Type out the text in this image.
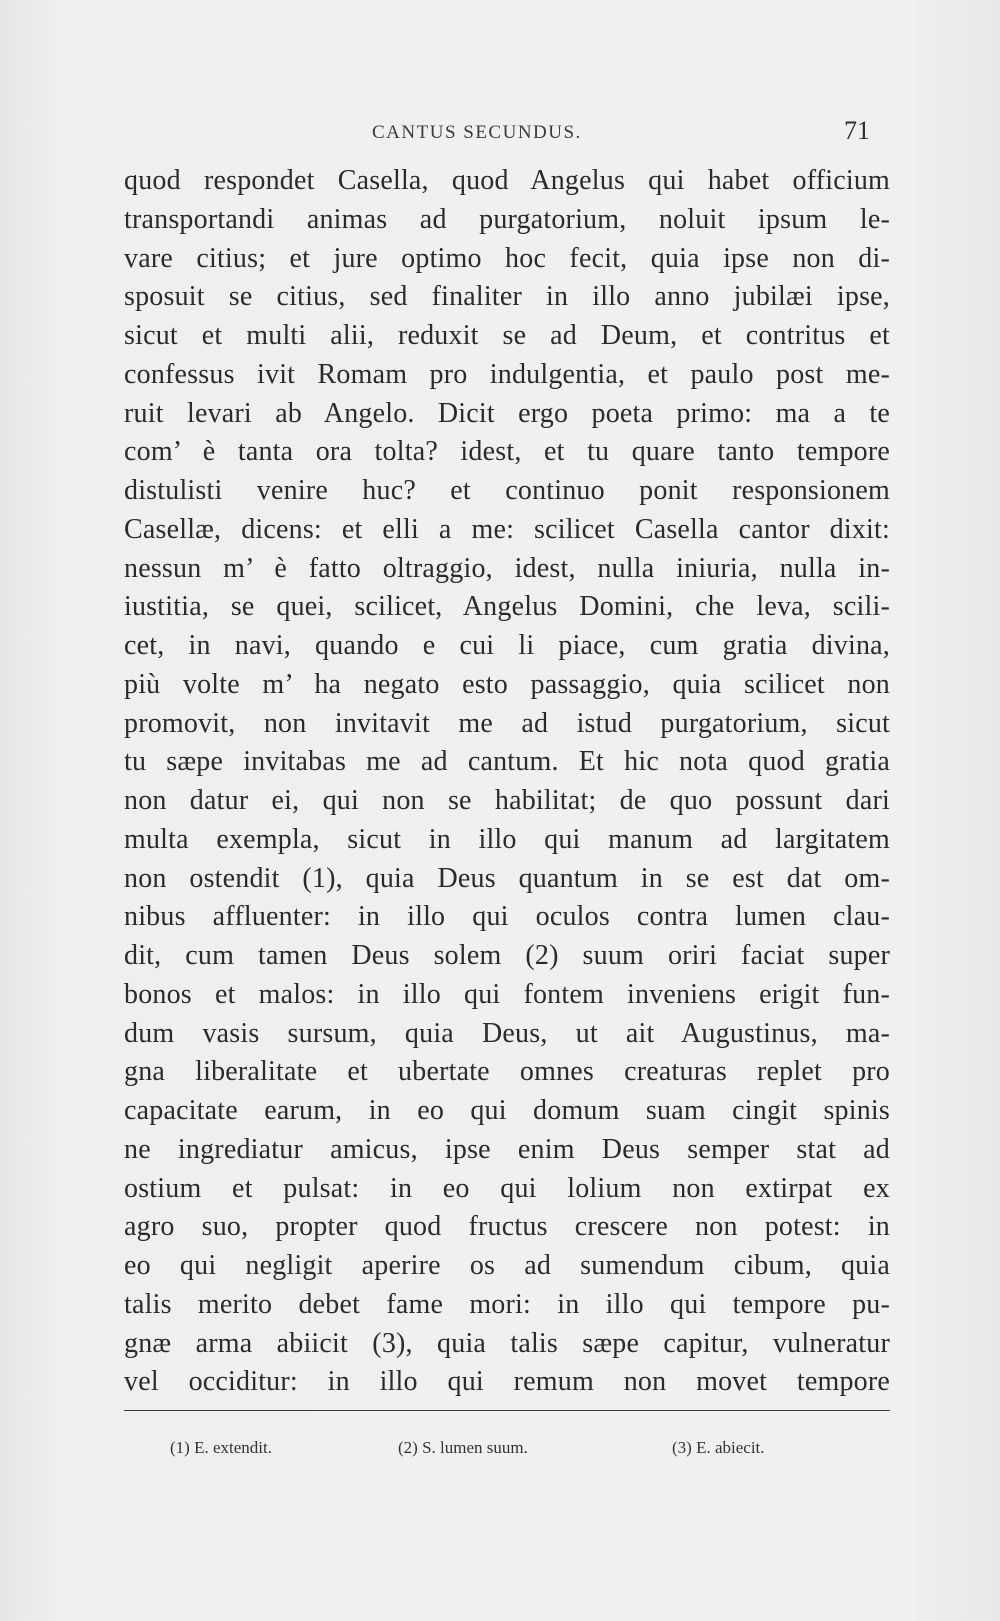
CANTUS SECUNDUS.	71
quod respondet Casella, quod Angelus qui habet officium
transportandi animas ad purgatorium, noluit ipsum le-
vare citius; et jure optimo hoc fecit, quia ipse non di-
sposuit se citius, sed finaliter in illo anno jubilæi ipse,
sicut et multi alii, reduxit se ad Deum, et contritus et
confessus ivit Romam pro indulgentia, et paulo post me-
ruit levari ab Angelo. Dicit ergo poeta primo: ma a te
com’ è tanta ora tolta? idest, et tu quare tanto tempore
distulisti venire huc? et continuo ponit responsionem
Casellæ, dicens: et elli a me: scilicet Casella cantor dixit:
nessun m’ è fatto oltraggio, idest, nulla iniuria, nulla in-
iustitia, se quei, scilicet, Angelus Domini, che leva, scili-
cet, in navi, quando e cui li piace, cum gratia divina,
più volte m’ ha negato esto passaggio, quia scilicet non
promovit, non invitavit me ad istud purgatorium, sicut
tu sæpe invitabas me ad cantum. Et hic nota quod gratia
non datur ei, qui non se habilitat; de quo possunt dari
multa exempla, sicut in illo qui manum ad largitatem
non ostendit (1), quia Deus quantum in se est dat om-
nibus affluenter: in illo qui oculos contra lumen clau-
dit, cum tamen Deus solem (2) suum oriri faciat super
bonos et malos: in illo qui fontem inveniens erigit fun-
dum vasis sursum, quia Deus, ut ait Augustinus, ma-
gna liberalitate et ubertate omnes creaturas replet pro
capacitate earum, in eo qui domum suam cingit spinis
ne ingrediatur amicus, ipse enim Deus semper stat ad
ostium et pulsat: in eo qui lolium non extirpat ex
agro suo, propter quod fructus crescere non potest: in
eo qui negligit aperire os ad sumendum cibum, quia
talis merito debet fame mori: in illo qui tempore pu-
gnæ arma abiicit (3), quia talis sæpe capitur, vulneratur
vel occiditur: in illo qui remum non movet tempore
(1) E. extendit.	(2) S. lumen suum.	(3) E. abiecit.
